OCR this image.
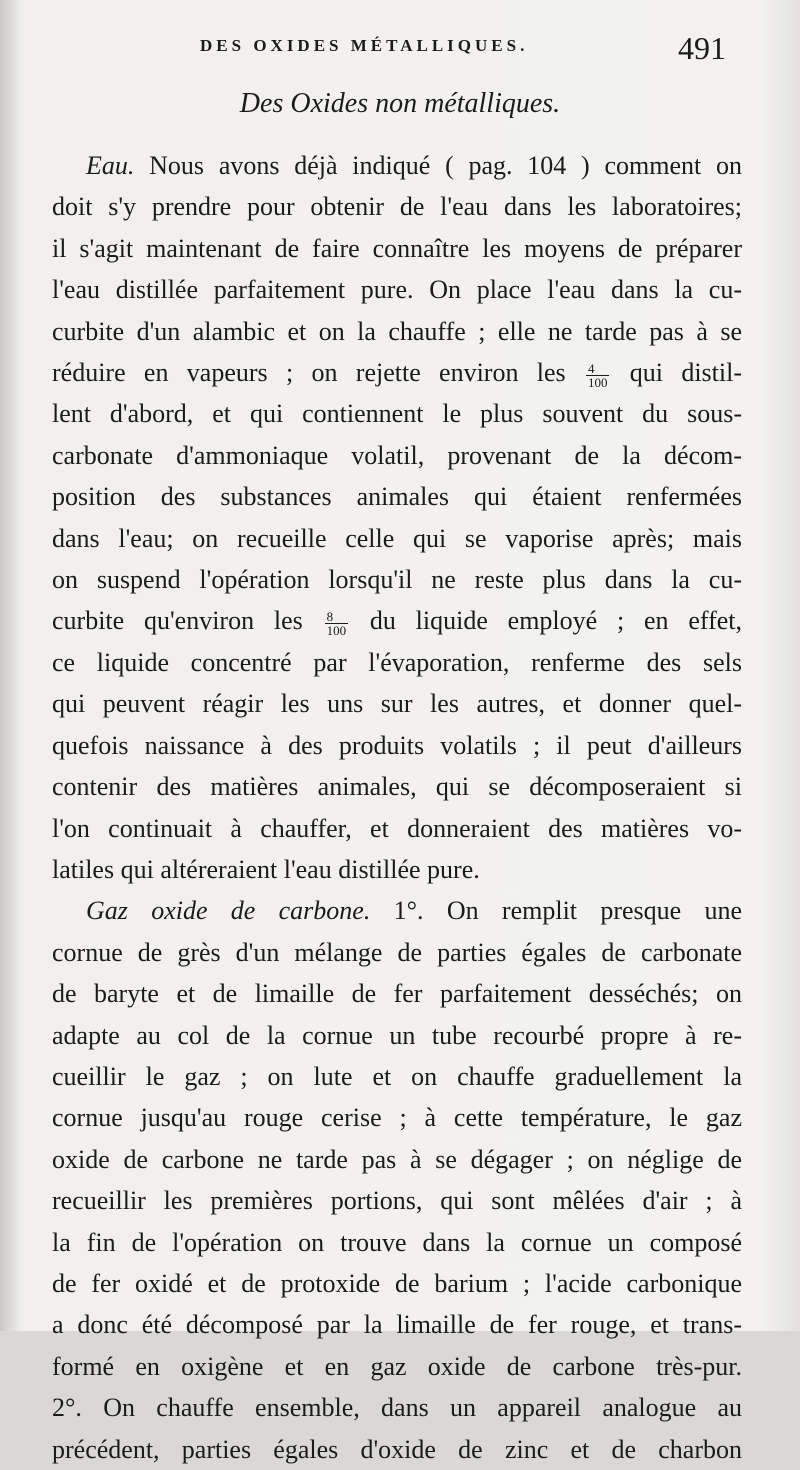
DES OXIDES MÉTALLIQUES.	491
Des Oxides non métalliques.
Eau. Nous avons déjà indiqué ( pag. 104 ) comment on
doit s'y prendre pour obtenir de l'eau dans les laboratoires;
il s'agit maintenant de faire connaître les moyens de préparer
l'eau distillée parfaitement pure. On place l'eau dans la cu-
curbite d'un alambic et on la chauffe ; elle ne tarde pas à se
réduire en vapeurs ; on rejette environ les $\frac{4}{100}$ qui distil-
lent d'abord, et qui contiennent le plus souvent du sous-
carbonate d'ammoniaque volatil, provenant de la décom-
position des substances animales qui étaient renfermées
dans l'eau; on recueille celle qui se vaporise après; mais
on suspend l'opération lorsqu'il ne reste plus dans la cu-
curbite qu'environ les $\frac{8}{100}$ du liquide employé ; en effet,
ce liquide concentré par l'évaporation, renferme des sels
qui peuvent réagir les uns sur les autres, et donner quel-
quefois naissance à des produits volatils ; il peut d'ailleurs
contenir des matières animales, qui se décomposeraient si
l'on continuait à chauffer, et donneraient des matières vo-
latiles qui altéreraient l'eau distillée pure.
Gaz oxide de carbone. 1°. On remplit presque une
cornue de grès d'un mélange de parties égales de carbonate
de baryte et de limaille de fer parfaitement desséchés; on
adapte au col de la cornue un tube recourbé propre à re-
cueillir le gaz ; on lute et on chauffe graduellement la
cornue jusqu'au rouge cerise ; à cette température, le gaz
oxide de carbone ne tarde pas à se dégager ; on néglige de
recueillir les premières portions, qui sont mêlées d'air ; à
la fin de l'opération on trouve dans la cornue un composé
de fer oxidé et de protoxide de barium ; l'acide carbonique
a donc été décomposé par la limaille de fer rouge, et trans-
formé en oxigène et en gaz oxide de carbone très-pur.
2°. On chauffe ensemble, dans un appareil analogue au
précédent, parties égales d'oxide de zinc et de charbon
